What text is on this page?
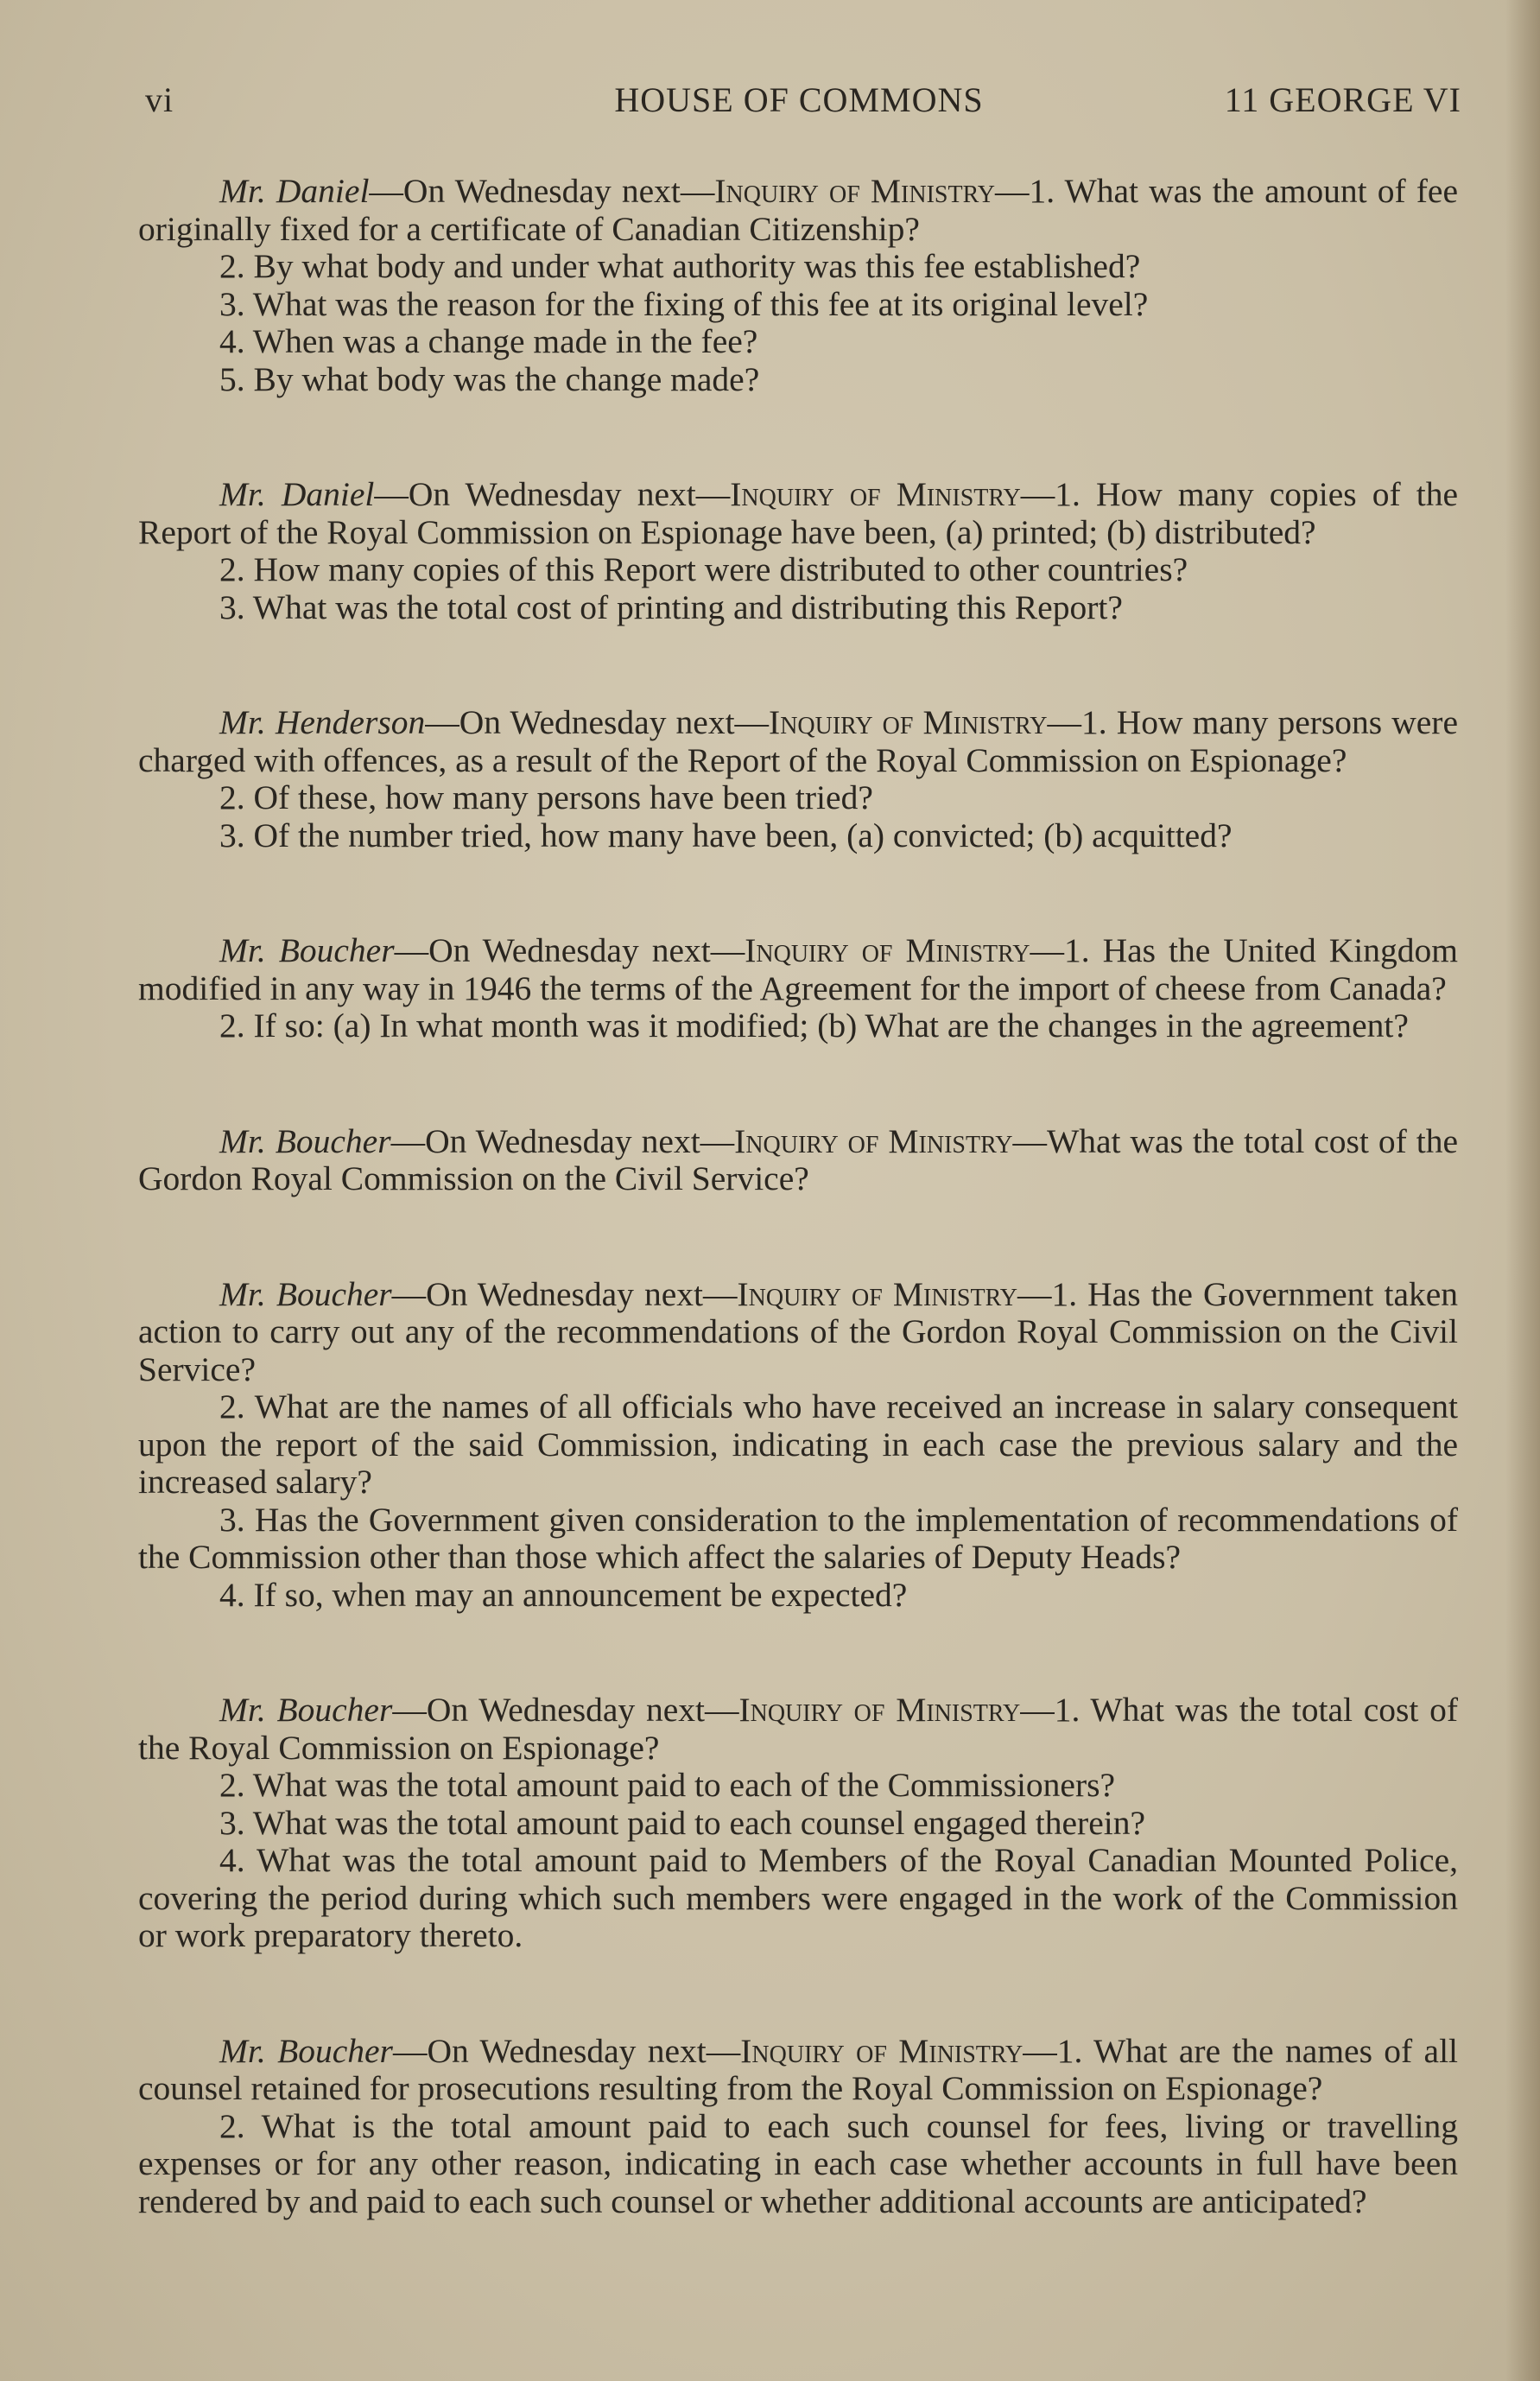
vi	HOUSE OF COMMONS	11 GEORGE VI

Mr. Daniel—On Wednesday next—Inquiry of Ministry—1. What was the amount of fee originally fixed for a certificate of Canadian Citizenship?

2. By what body and under what authority was this fee established?

3. What was the reason for the fixing of this fee at its original level?

4. When was a change made in the fee?

5. By what body was the change made?

Mr. Daniel—On Wednesday next—Inquiry of Ministry—1. How many copies of the Report of the Royal Commission on Espionage have been, (a) printed; (b) distributed?

2. How many copies of this Report were distributed to other countries?

3. What was the total cost of printing and distributing this Report?

Mr. Henderson—On Wednesday next—Inquiry of Ministry—1. How many persons were charged with offences, as a result of the Report of the Royal Commission on Espionage?

2. Of these, how many persons have been tried?

3. Of the number tried, how many have been, (a) convicted; (b) acquitted?

Mr. Boucher—On Wednesday next—Inquiry of Ministry—1. Has the United Kingdom modified in any way in 1946 the terms of the Agreement for the import of cheese from Canada?

2. If so: (a) In what month was it modified; (b) What are the changes in the agreement?

Mr. Boucher—On Wednesday next—Inquiry of Ministry—What was the total cost of the Gordon Royal Commission on the Civil Service?

Mr. Boucher—On Wednesday next—Inquiry of Ministry—1. Has the Government taken action to carry out any of the recommendations of the Gordon Royal Commission on the Civil Service?

2. What are the names of all officials who have received an increase in salary consequent upon the report of the said Commission, indicating in each case the previous salary and the increased salary?

3. Has the Government given consideration to the implementation of recommendations of the Commission other than those which affect the salaries of Deputy Heads?

4. If so, when may an announcement be expected?

Mr. Boucher—On Wednesday next—Inquiry of Ministry—1. What was the total cost of the Royal Commission on Espionage?

2. What was the total amount paid to each of the Commissioners?

3. What was the total amount paid to each counsel engaged therein?

4. What was the total amount paid to Members of the Royal Canadian Mounted Police, covering the period during which such members were engaged in the work of the Commission or work preparatory thereto.

Mr. Boucher—On Wednesday next—Inquiry of Ministry—1. What are the names of all counsel retained for prosecutions resulting from the Royal Commission on Espionage?

2. What is the total amount paid to each such counsel for fees, living or travelling expenses or for any other reason, indicating in each case whether accounts in full have been rendered by and paid to each such counsel or whether additional accounts are anticipated?
